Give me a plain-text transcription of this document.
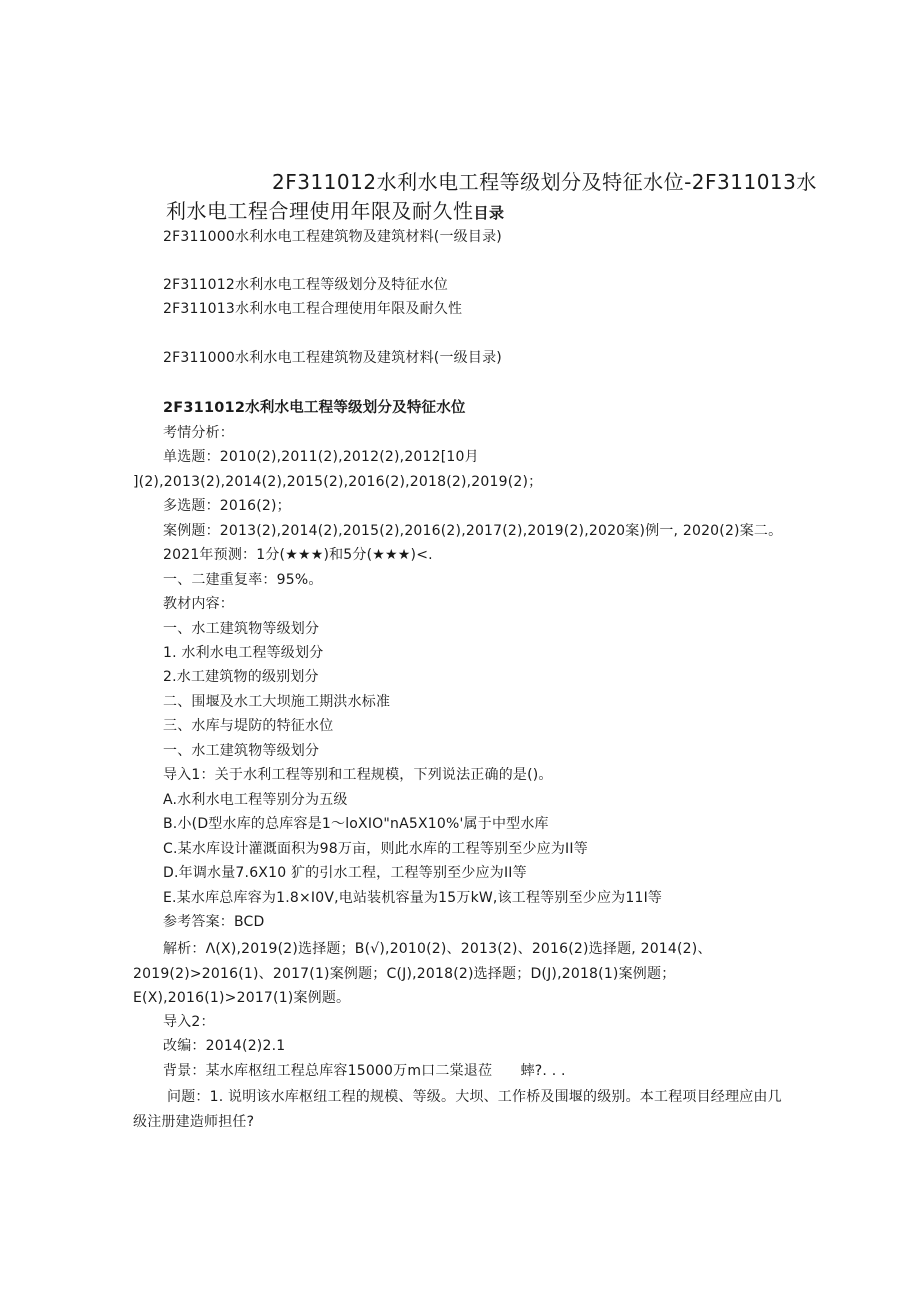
2F311012水利水电工程等级划分及特征水位-2F311013水
利水电工程合理使用年限及耐久性目录
2F311000水利水电工程建筑物及建筑材料(一级目录)
2F311012水利水电工程等级划分及特征水位
2F311013水利水电工程合理使用年限及耐久性
2F311000水利水电工程建筑物及建筑材料(一级目录)
2F311012水利水电工程等级划分及特征水位
考情分析：
单选题：2010(2),2011(2),2012(2),2012[10月
](2),2013(2),2014(2),2015(2),2016(2),2018(2),2019(2)；
多选题：2016(2)；
案例题：2013(2),2014(2),2015(2),2016(2),2017(2),2019(2),2020案)例一, 2020(2)案二。
2021年预测：1分(★★★)和5分(★★★)<.
一、二建重复率：95%。
教材内容：
一、水工建筑物等级划分
1. 水利水电工程等级划分
2.水工建筑物的级别划分
二、围堰及水工大坝施工期洪水标准
三、水库与堤防的特征水位
一、水工建筑物等级划分
导入1：关于水利工程等别和工程规模，下列说法正确的是()。
A.水利水电工程等别分为五级
B.小(D型水库的总库容是1〜loXIO"nA5X10%'属于中型水库
C.某水库设计灌溉面积为98万亩，则此水库的工程等别至少应为II等
D.年调水量7.6X10 犷的引水工程，工程等别至少应为II等
E.某水库总库容为1.8×I0V,电站装机容量为15万kW,该工程等别至少应为11I等
参考答案：BCD
解析：Λ(X),2019(2)选择题；B(√),2010(2)、2013(2)、2016(2)选择题, 2014(2)、2019(2)>2016(1)、2017(1)案例题；C(J),2018(2)选择题；D(J),2018(1)案例题；E(X),2016(1)>2017(1)案例题。
导入2：
改编：2014(2)2.1
背景：某水库枢纽工程总库容15000万m口二棠退莅　　蟀?. . .
问题：1. 说明该水库枢纽工程的规模、等级。大坝、工作桥及围堰的级别。本工程项目经理应由几级注册建造师担任?
